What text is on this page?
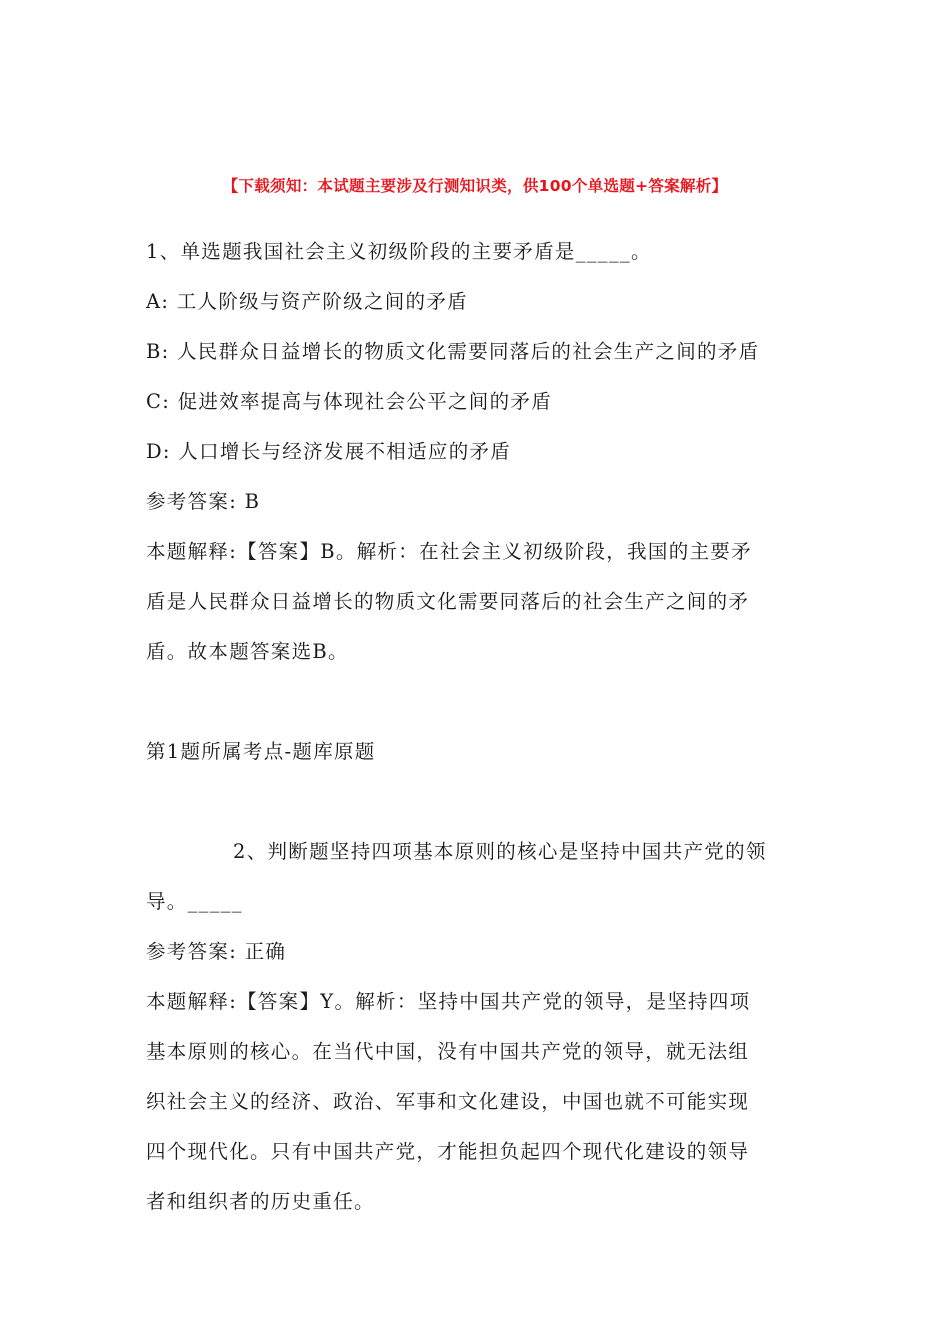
【下载须知：本试题主要涉及行测知识类，供100个单选题+答案解析】
1、单选题我国社会主义初级阶段的主要矛盾是_____。
A: 工人阶级与资产阶级之间的矛盾
B: 人民群众日益增长的物质文化需要同落后的社会生产之间的矛盾
C: 促进效率提高与体现社会公平之间的矛盾
D: 人口增长与经济发展不相适应的矛盾
参考答案: B
本题解释:【答案】B。解析：在社会主义初级阶段，我国的主要矛
盾是人民群众日益增长的物质文化需要同落后的社会生产之间的矛
盾。故本题答案选B。
第1题所属考点-题库原题
2、判断题坚持四项基本原则的核心是坚持中国共产党的领
导。_____
参考答案: 正确
本题解释:【答案】Y。解析：坚持中国共产党的领导，是坚持四项
基本原则的核心。在当代中国，没有中国共产党的领导，就无法组
织社会主义的经济、政治、军事和文化建设，中国也就不可能实现
四个现代化。只有中国共产党，才能担负起四个现代化建设的领导
者和组织者的历史重任。
